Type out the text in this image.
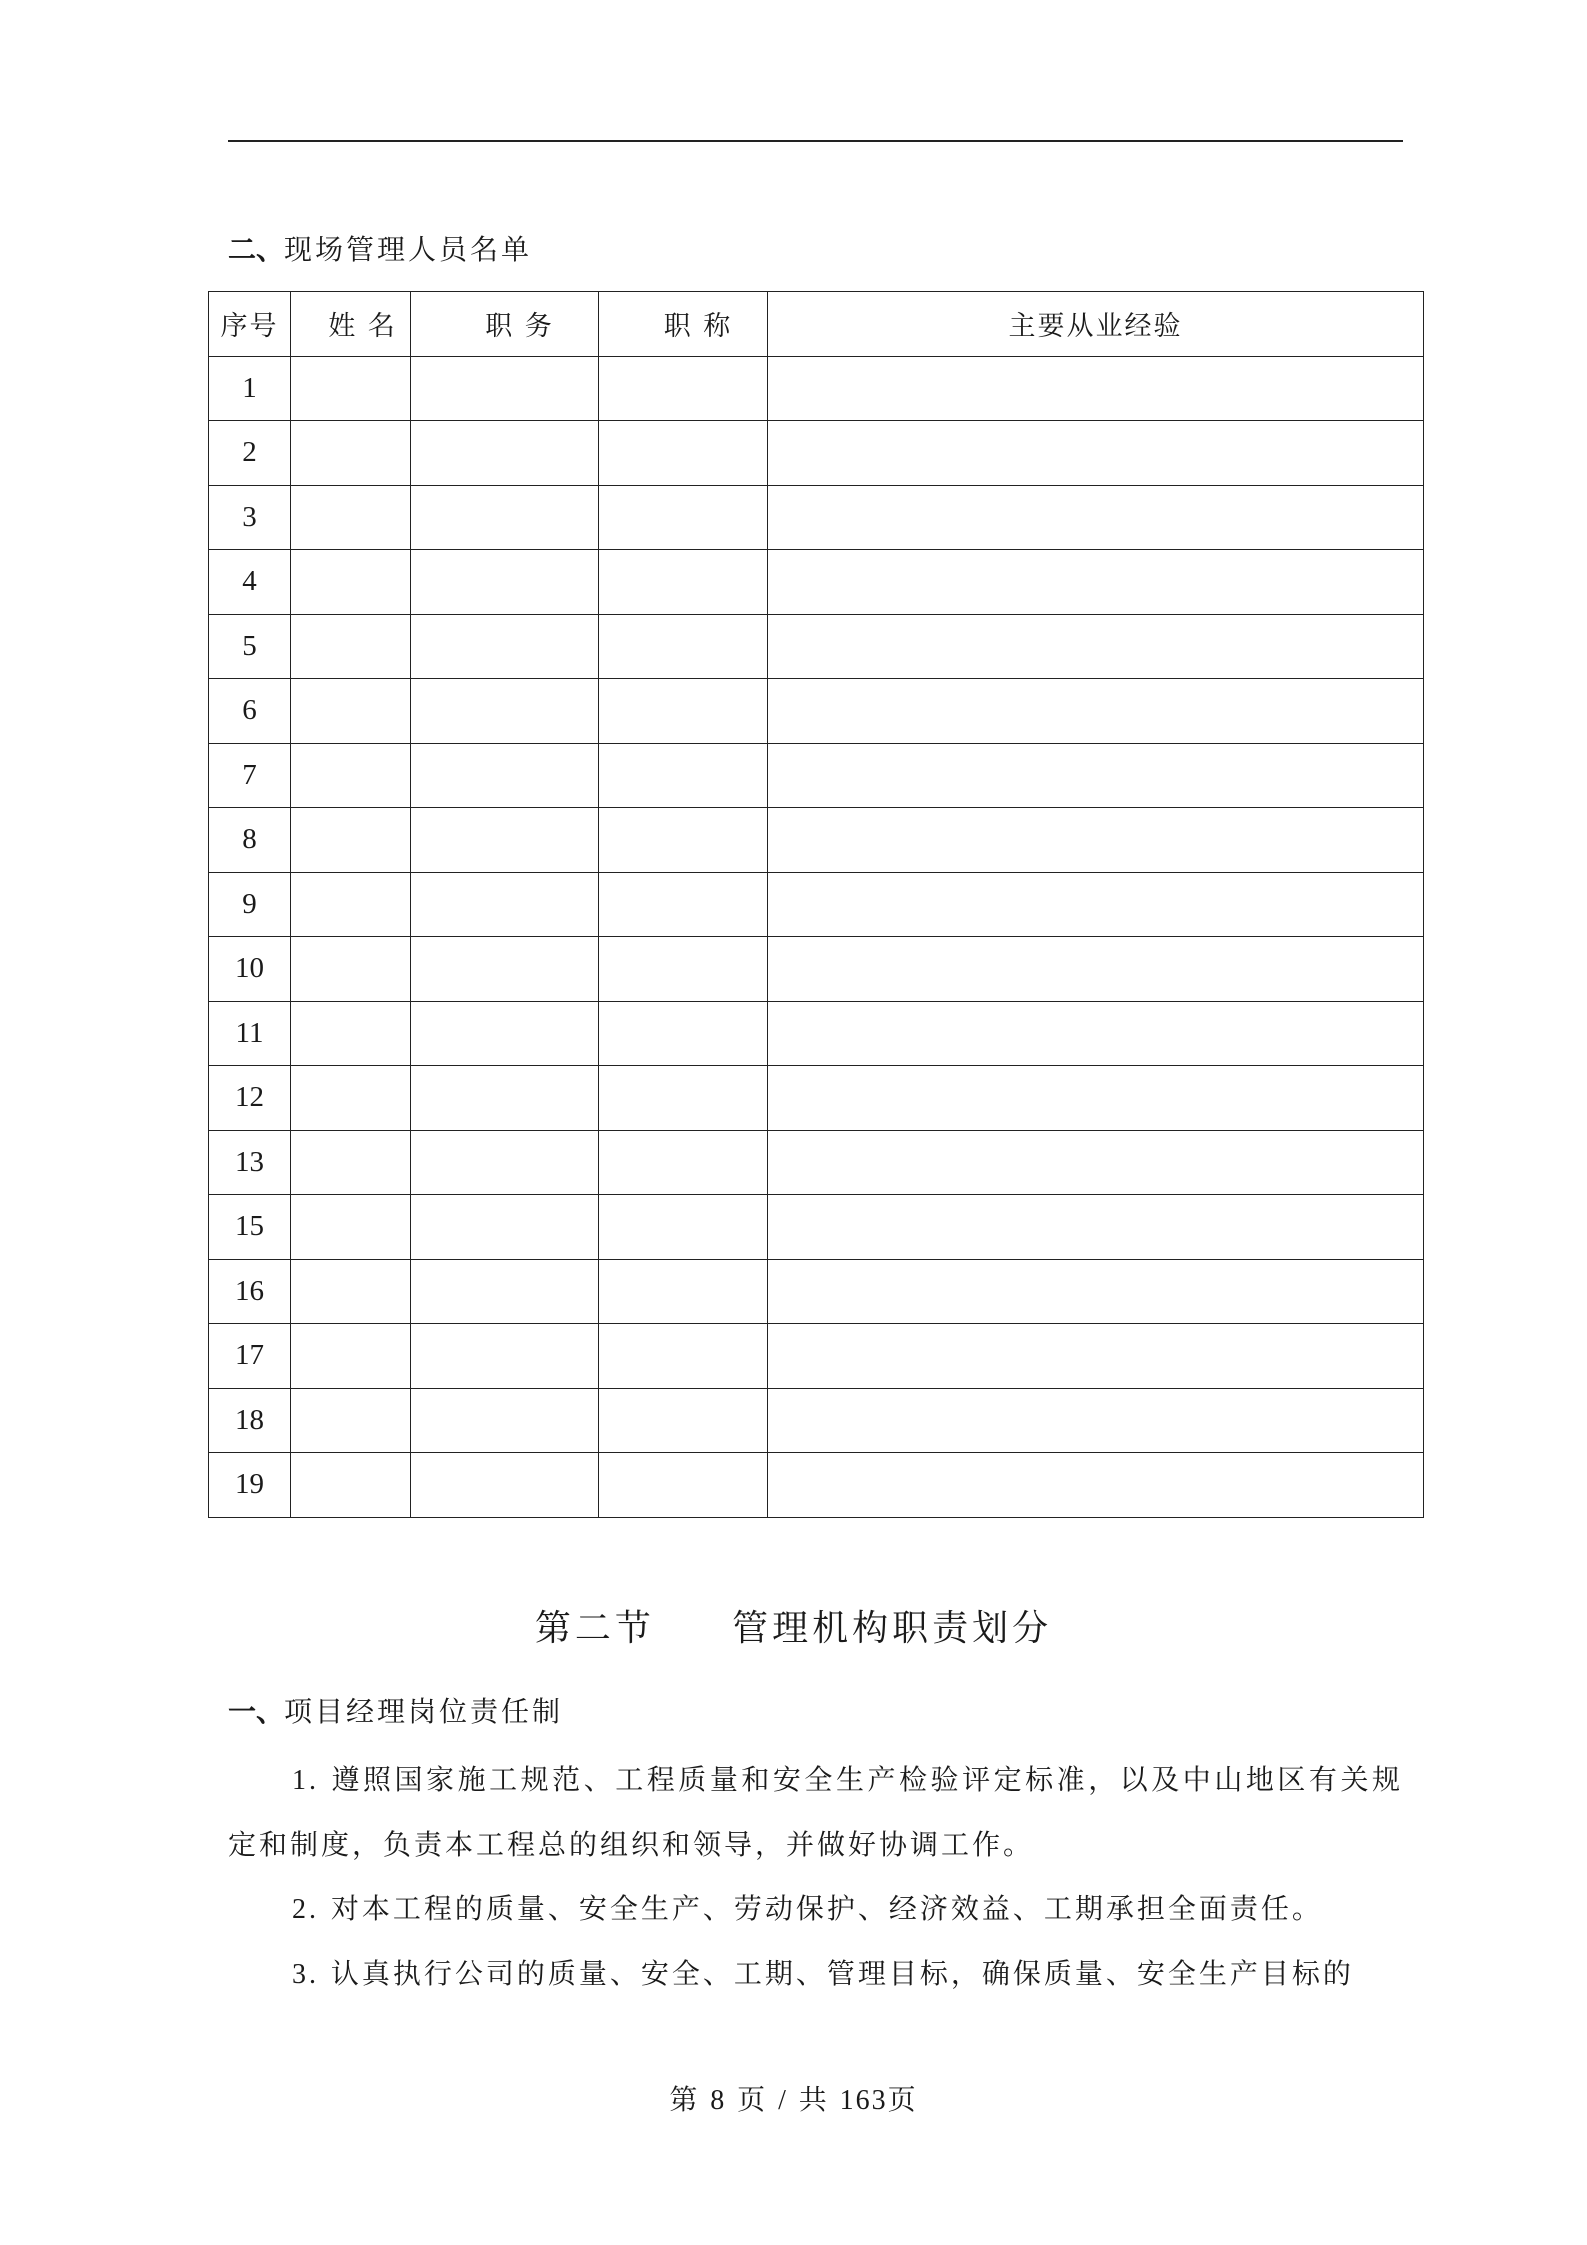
二、现场管理人员名单
序号	姓 名	职 务	职 称	主要从业经验
1				
2				
3				
4				
5				
6				
7				
8				
9				
10				
11				
12				
13				
15				
16				
17				
18				
19				
第二节     管理机构职责划分
一、项目经理岗位责任制

1. 遵照国家施工规范、工程质量和安全生产检验评定标准，以及中山地区有关规定和制度，负责本工程总的组织和领导，并做好协调工作。

2. 对本工程的质量、安全生产、劳动保护、经济效益、工期承担全面责任。

3. 认真执行公司的质量、安全、工期、管理目标，确保质量、安全生产目标的

第 8 页 / 共 163页
